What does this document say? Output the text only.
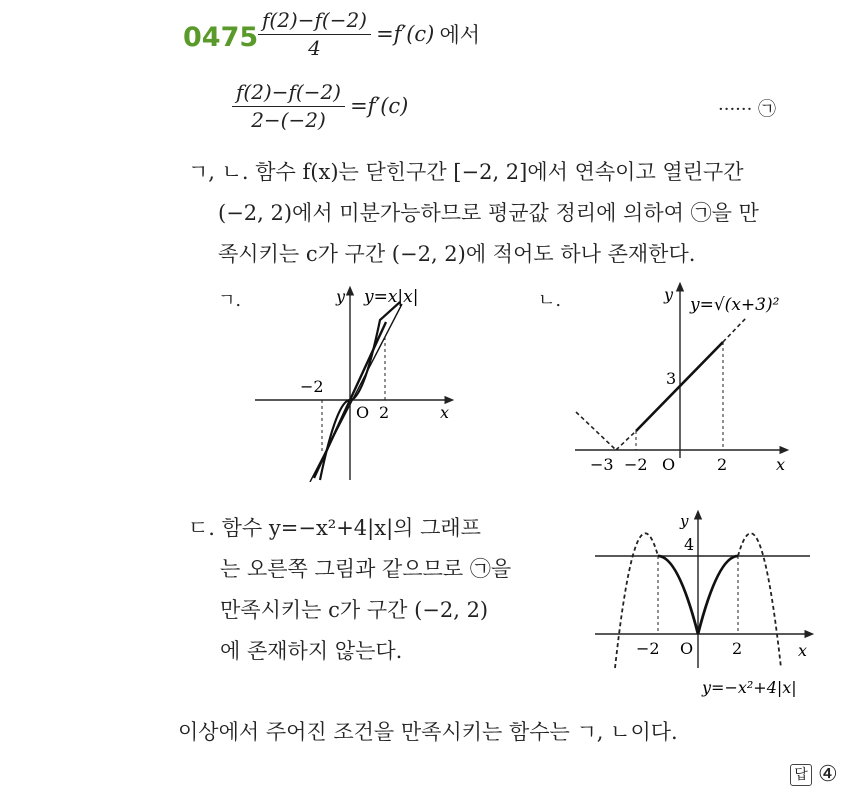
$0475 \frac{f(2)-f(-2)}{4} =f'(c)$ 에서
$\frac{f(2)-f(-2)}{2-(-2)} =f'(c)$	······ ㉠
ㄱ, ㄴ. 함수 f(x)는 닫힌구간 [−2, 2]에서 연속이고 열린구간
(−2, 2)에서 미분가능하므로 평균값 정리에 의하여 ㉠을 만
족시키는 c가 구간 (−2, 2)에 적어도 하나 존재한다.
ㄱ.	y y=x|x|
x
O
−2
2
ㄴ.	y
y=√(x+3)²
3
x
O
−3 −2	2
ㄷ. 함수 y=−x²+4|x|의 그래프
는 오른쪽 그림과 같으므로 ㉠을
만족시키는 c가 구간 (−2, 2)
에 존재하지 않는다.
y
4
x
O
−2	2
y=−x²+4|x|
이상에서 주어진 조건을 만족시키는 함수는 ㄱ, ㄴ이다.
답 ④
